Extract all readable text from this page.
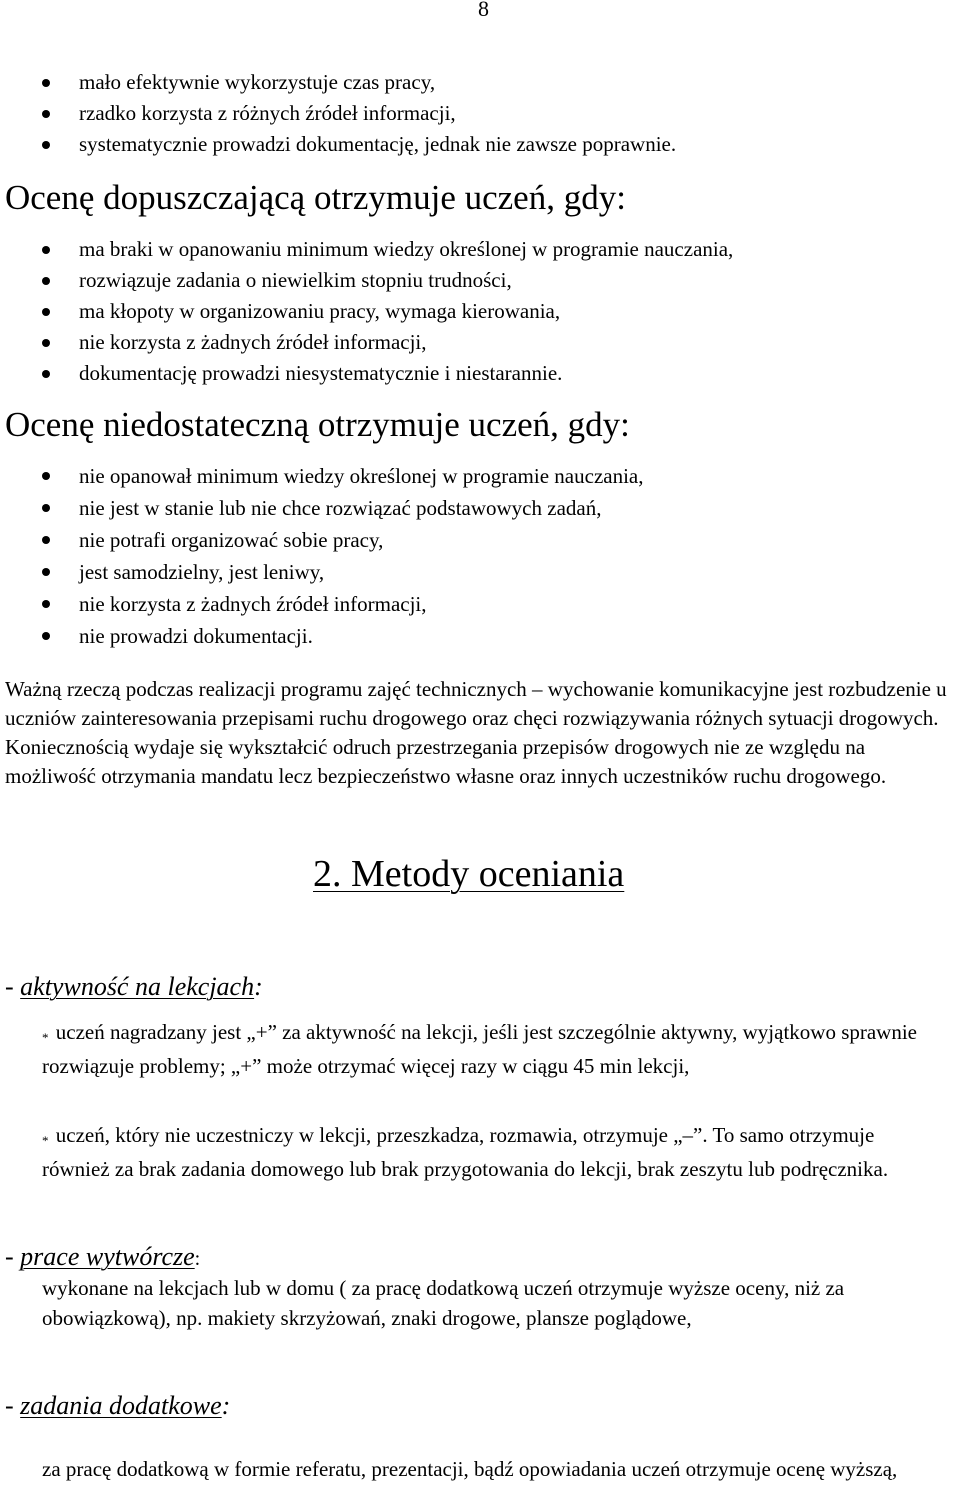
8
mało efektywnie wykorzystuje czas pracy,
rzadko korzysta z różnych źródeł informacji,
systematycznie prowadzi dokumentację, jednak nie zawsze poprawnie.
Ocenę dopuszczającą otrzymuje uczeń, gdy:
ma braki w opanowaniu minimum wiedzy określonej w programie nauczania,
rozwiązuje zadania o niewielkim stopniu trudności,
ma kłopoty w organizowaniu pracy, wymaga kierowania,
nie korzysta z żadnych źródeł informacji,
dokumentację prowadzi niesystematycznie i niestarannie.
Ocenę niedostateczną otrzymuje uczeń, gdy:
nie opanował minimum wiedzy określonej w programie nauczania,
nie jest w stanie lub nie chce rozwiązać podstawowych zadań,
nie potrafi organizować sobie pracy,
jest samodzielny, jest leniwy,
nie korzysta z żadnych źródeł informacji,
nie prowadzi dokumentacji.
Ważną rzeczą podczas realizacji programu zajęć technicznych – wychowanie komunikacyjne jest rozbudzenie u uczniów zainteresowania przepisami ruchu drogowego oraz chęci rozwiązywania różnych sytuacji drogowych. Koniecznością wydaje się wykształcić odruch przestrzegania przepisów drogowych nie ze względu na możliwość otrzymania mandatu lecz bezpieczeństwo własne oraz innych uczestników ruchu drogowego.
2. Metody oceniania
- aktywność na lekcjach:
* uczeń nagradzany jest „+” za aktywność na lekcji, jeśli jest szczególnie aktywny, wyjątkowo sprawnie rozwiązuje problemy; „+” może otrzymać więcej razy w ciągu 45 min lekcji,
* uczeń, który nie uczestniczy w lekcji, przeszkadza, rozmawia, otrzymuje „–”. To samo otrzymuje również za brak zadania domowego lub brak przygotowania do lekcji, brak zeszytu lub podręcznika.
- prace wytwórcze:
wykonane na lekcjach lub w domu ( za pracę dodatkową uczeń otrzymuje wyższe oceny, niż za obowiązkową), np. makiety skrzyżowań, znaki drogowe, plansze poglądowe,
- zadania dodatkowe:
za pracę dodatkową w formie referatu, prezentacji, bądź opowiadania uczeń otrzymuje ocenę wyższą,
